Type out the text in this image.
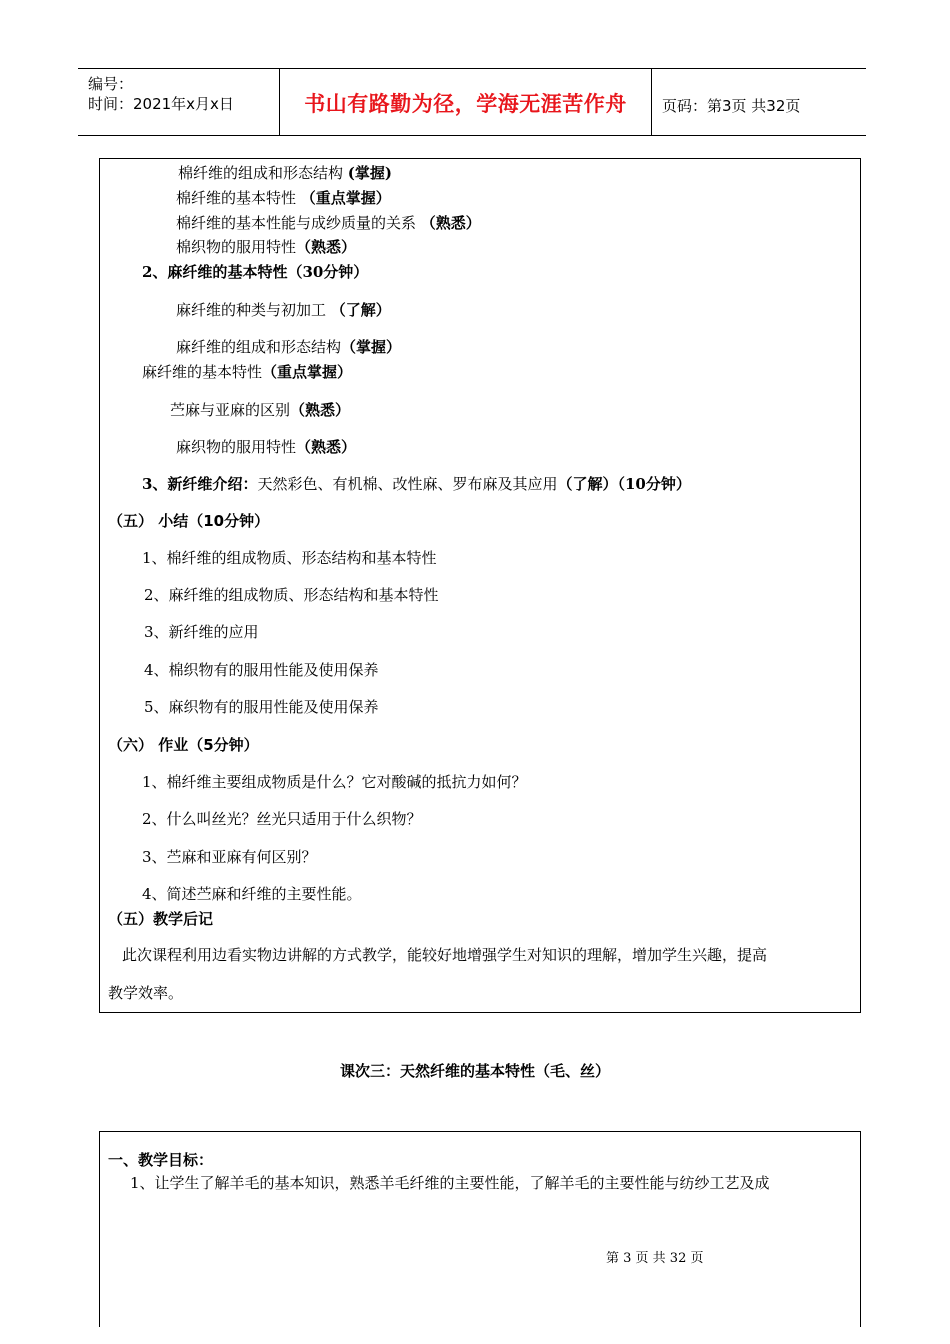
编号：
时间：2021年x月x日	书山有路勤为径，学海无涯苦作舟	页码：第3页 共32页
棉纤维的组成和形态结构 (掌握)
棉纤维的基本特性 （重点掌握）
棉纤维的基本性能与成纱质量的关系 （熟悉）
棉织物的服用特性（熟悉）
2、麻纤维的基本特性（30分钟）
麻纤维的种类与初加工 （了解）
麻纤维的组成和形态结构（掌握）
麻纤维的基本特性（重点掌握）
苎麻与亚麻的区别（熟悉）
麻织物的服用特性（熟悉）
3、新纤维介绍：天然彩色、有机棉、改性麻、罗布麻及其应用（了解）（10分钟）
（五） 小结（10分钟）
1、棉纤维的组成物质、形态结构和基本特性
2、麻纤维的组成物质、形态结构和基本特性
3、新纤维的应用
4、棉织物有的服用性能及使用保养
5、麻织物有的服用性能及使用保养
（六） 作业（5分钟）
1、棉纤维主要组成物质是什么？它对酸碱的抵抗力如何？
2、什么叫丝光？丝光只适用于什么织物？
3、苎麻和亚麻有何区别？
4、简述苎麻和纤维的主要性能。
（五）教学后记
此次课程利用边看实物边讲解的方式教学，能较好地增强学生对知识的理解，增加学生兴趣，提高
教学效率。
课次三：天然纤维的基本特性（毛、丝）
一、教学目标：
1、让学生了解羊毛的基本知识，熟悉羊毛纤维的主要性能，了解羊毛的主要性能与纺纱工艺及成
第 3 页 共 32 页
